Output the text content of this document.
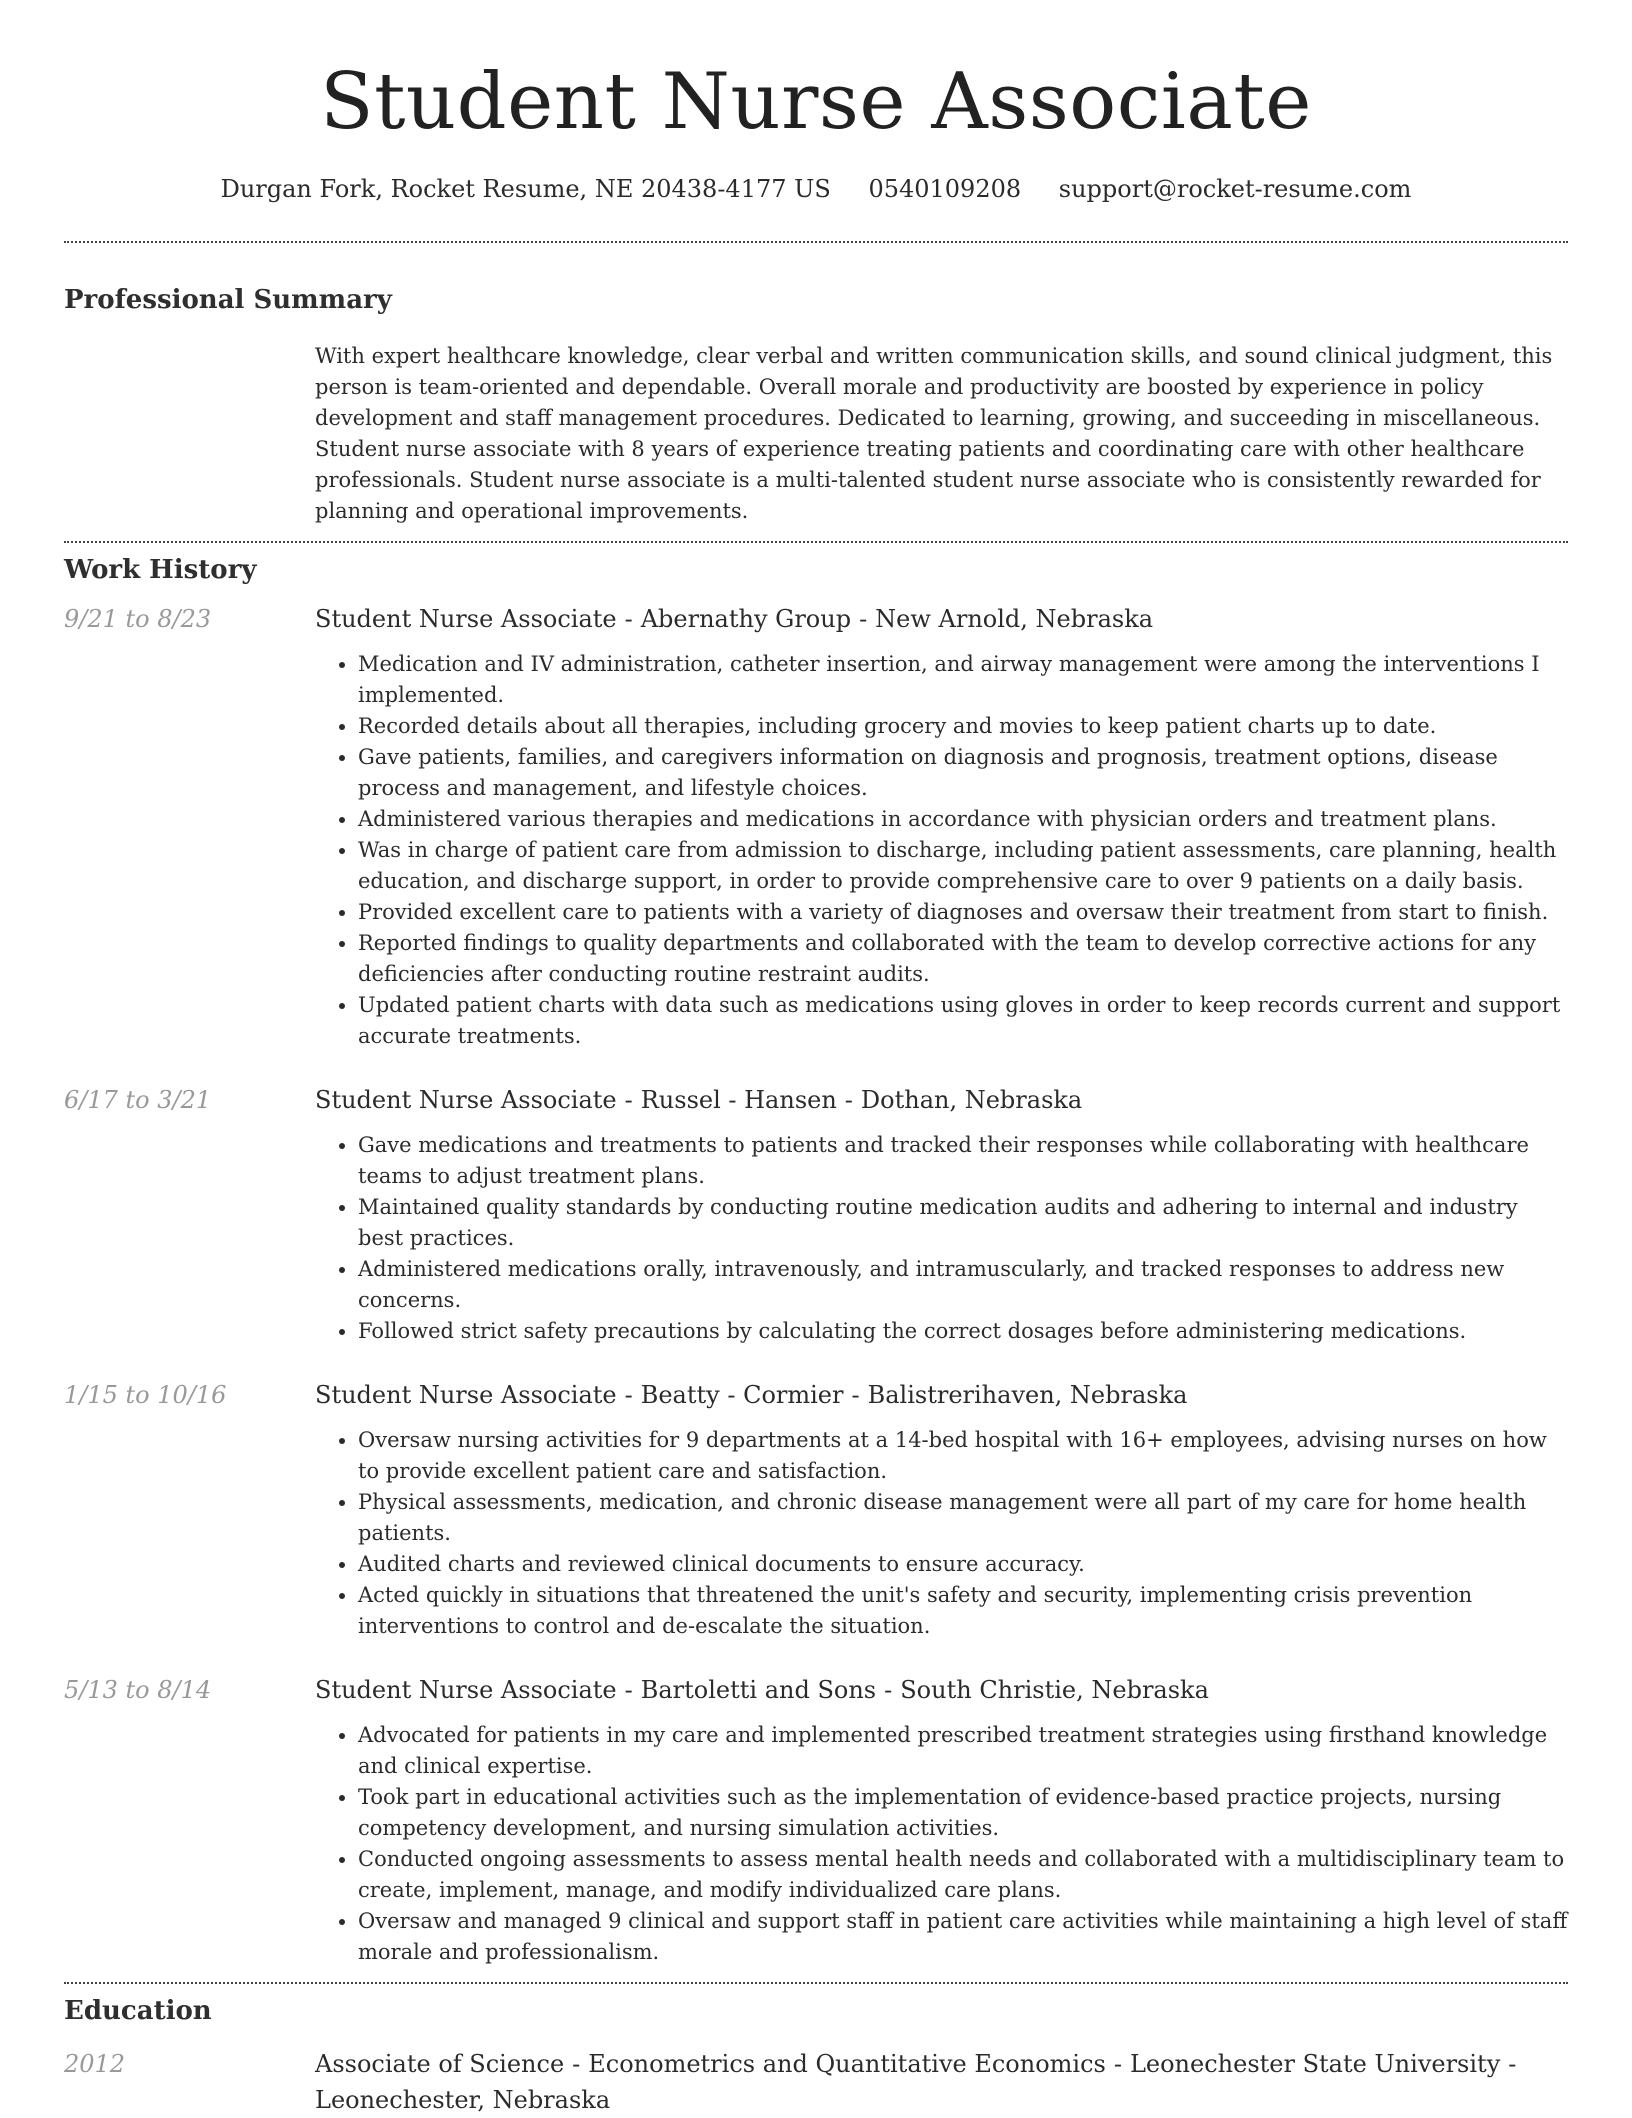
Student Nurse Associate
Durgan Fork, Rocket Resume, NE 20438-4177 US 0540109208 support@rocket-resume.com
Professional Summary
With expert healthcare knowledge, clear verbal and written communication skills, and sound clinical judgment, this person is team-oriented and dependable. Overall morale and productivity are boosted by experience in policy development and staff management procedures. Dedicated to learning, growing, and succeeding in miscellaneous. Student nurse associate with 8 years of experience treating patients and coordinating care with other healthcare professionals. Student nurse associate is a multi-talented student nurse associate who is consistently rewarded for planning and operational improvements.
Work History
9/21 to 8/23	Student Nurse Associate - Abernathy Group - New Arnold, Nebraska
• Medication and IV administration, catheter insertion, and airway management were among the interventions I implemented.
• Recorded details about all therapies, including grocery and movies to keep patient charts up to date.
• Gave patients, families, and caregivers information on diagnosis and prognosis, treatment options, disease process and management, and lifestyle choices.
• Administered various therapies and medications in accordance with physician orders and treatment plans.
• Was in charge of patient care from admission to discharge, including patient assessments, care planning, health education, and discharge support, in order to provide comprehensive care to over 9 patients on a daily basis.
• Provided excellent care to patients with a variety of diagnoses and oversaw their treatment from start to finish.
• Reported findings to quality departments and collaborated with the team to develop corrective actions for any deficiencies after conducting routine restraint audits.
• Updated patient charts with data such as medications using gloves in order to keep records current and support accurate treatments.
6/17 to 3/21	Student Nurse Associate - Russel - Hansen - Dothan, Nebraska
• Gave medications and treatments to patients and tracked their responses while collaborating with healthcare teams to adjust treatment plans.
• Maintained quality standards by conducting routine medication audits and adhering to internal and industry best practices.
• Administered medications orally, intravenously, and intramuscularly, and tracked responses to address new concerns.
• Followed strict safety precautions by calculating the correct dosages before administering medications.
1/15 to 10/16	Student Nurse Associate - Beatty - Cormier - Balistrerihaven, Nebraska
• Oversaw nursing activities for 9 departments at a 14-bed hospital with 16+ employees, advising nurses on how to provide excellent patient care and satisfaction.
• Physical assessments, medication, and chronic disease management were all part of my care for home health patients.
• Audited charts and reviewed clinical documents to ensure accuracy.
• Acted quickly in situations that threatened the unit's safety and security, implementing crisis prevention interventions to control and de-escalate the situation.
5/13 to 8/14	Student Nurse Associate - Bartoletti and Sons - South Christie, Nebraska
• Advocated for patients in my care and implemented prescribed treatment strategies using firsthand knowledge and clinical expertise.
• Took part in educational activities such as the implementation of evidence-based practice projects, nursing competency development, and nursing simulation activities.
• Conducted ongoing assessments to assess mental health needs and collaborated with a multidisciplinary team to create, implement, manage, and modify individualized care plans.
• Oversaw and managed 9 clinical and support staff in patient care activities while maintaining a high level of staff morale and professionalism.
Education
2012	Associate of Science - Econometrics and Quantitative Economics - Leonechester State University -Leonechester, Nebraska
